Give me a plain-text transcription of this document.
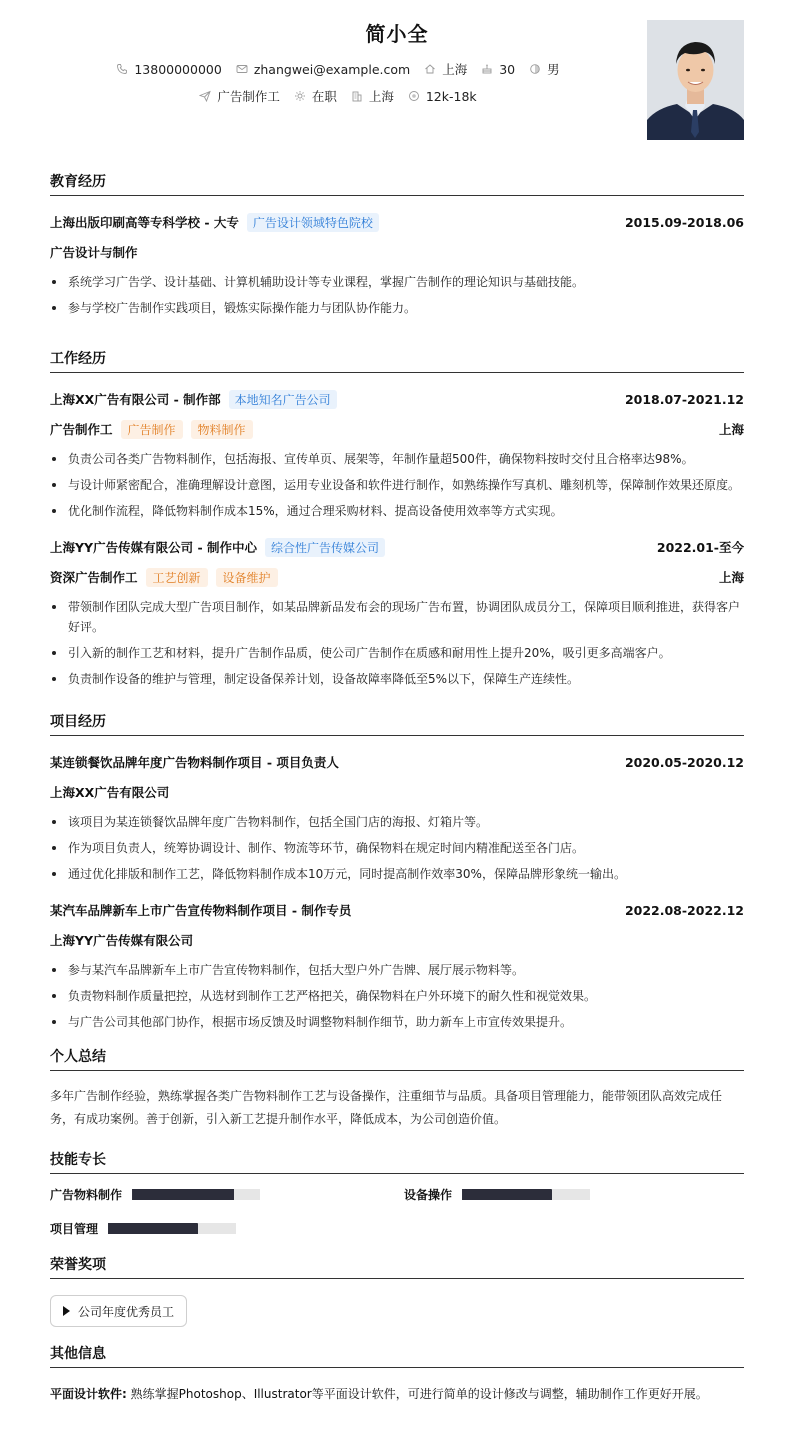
简小全
13800000000	zhangwei@example.com	上海	30	男
广告制作工	在职	上海	12k-18k
教育经历
上海出版印刷高等专科学校 - 大专	广告设计领域特色院校	2015.09-2018.06
广告设计与制作
系统学习广告学、设计基础、计算机辅助设计等专业课程，掌握广告制作的理论知识与基础技能。
参与学校广告制作实践项目，锻炼实际操作能力与团队协作能力。
工作经历
上海XX广告有限公司 - 制作部	本地知名广告公司	2018.07-2021.12
广告制作工	广告制作	物料制作	上海
负责公司各类广告物料制作，包括海报、宣传单页、展架等，年制作量超500件，确保物料按时交付且合格率达98%。
与设计师紧密配合，准确理解设计意图，运用专业设备和软件进行制作，如熟练操作写真机、雕刻机等，保障制作效果还原度。
优化制作流程，降低物料制作成本15%，通过合理采购材料、提高设备使用效率等方式实现。
上海YY广告传媒有限公司 - 制作中心	综合性广告传媒公司	2022.01-至今
资深广告制作工	工艺创新	设备维护	上海
带领制作团队完成大型广告项目制作，如某品牌新品发布会的现场广告布置，协调团队成员分工，保障项目顺利推进，获得客户好评。
引入新的制作工艺和材料，提升广告制作品质，使公司广告制作在质感和耐用性上提升20%，吸引更多高端客户。
负责制作设备的维护与管理，制定设备保养计划，设备故障率降低至5%以下，保障生产连续性。
项目经历
某连锁餐饮品牌年度广告物料制作项目 - 项目负责人	2020.05-2020.12
上海XX广告有限公司
该项目为某连锁餐饮品牌年度广告物料制作，包括全国门店的海报、灯箱片等。
作为项目负责人，统筹协调设计、制作、物流等环节，确保物料在规定时间内精准配送至各门店。
通过优化排版和制作工艺，降低物料制作成本10万元，同时提高制作效率30%，保障品牌形象统一输出。
某汽车品牌新车上市广告宣传物料制作项目 - 制作专员	2022.08-2022.12
上海YY广告传媒有限公司
参与某汽车品牌新车上市广告宣传物料制作，包括大型户外广告牌、展厅展示物料等。
负责物料制作质量把控，从选材到制作工艺严格把关，确保物料在户外环境下的耐久性和视觉效果。
与广告公司其他部门协作，根据市场反馈及时调整物料制作细节，助力新车上市宣传效果提升。
个人总结
多年广告制作经验，熟练掌握各类广告物料制作工艺与设备操作，注重细节与品质。具备项目管理能力，能带领团队高效完成任务，有成功案例。善于创新，引入新工艺提升制作水平，降低成本，为公司创造价值。
技能专长
广告物料制作	设备操作
项目管理
荣誉奖项
公司年度优秀员工
其他信息
平面设计软件: 熟练掌握Photoshop、Illustrator等平面设计软件，可进行简单的设计修改与调整，辅助制作工作更好开展。
